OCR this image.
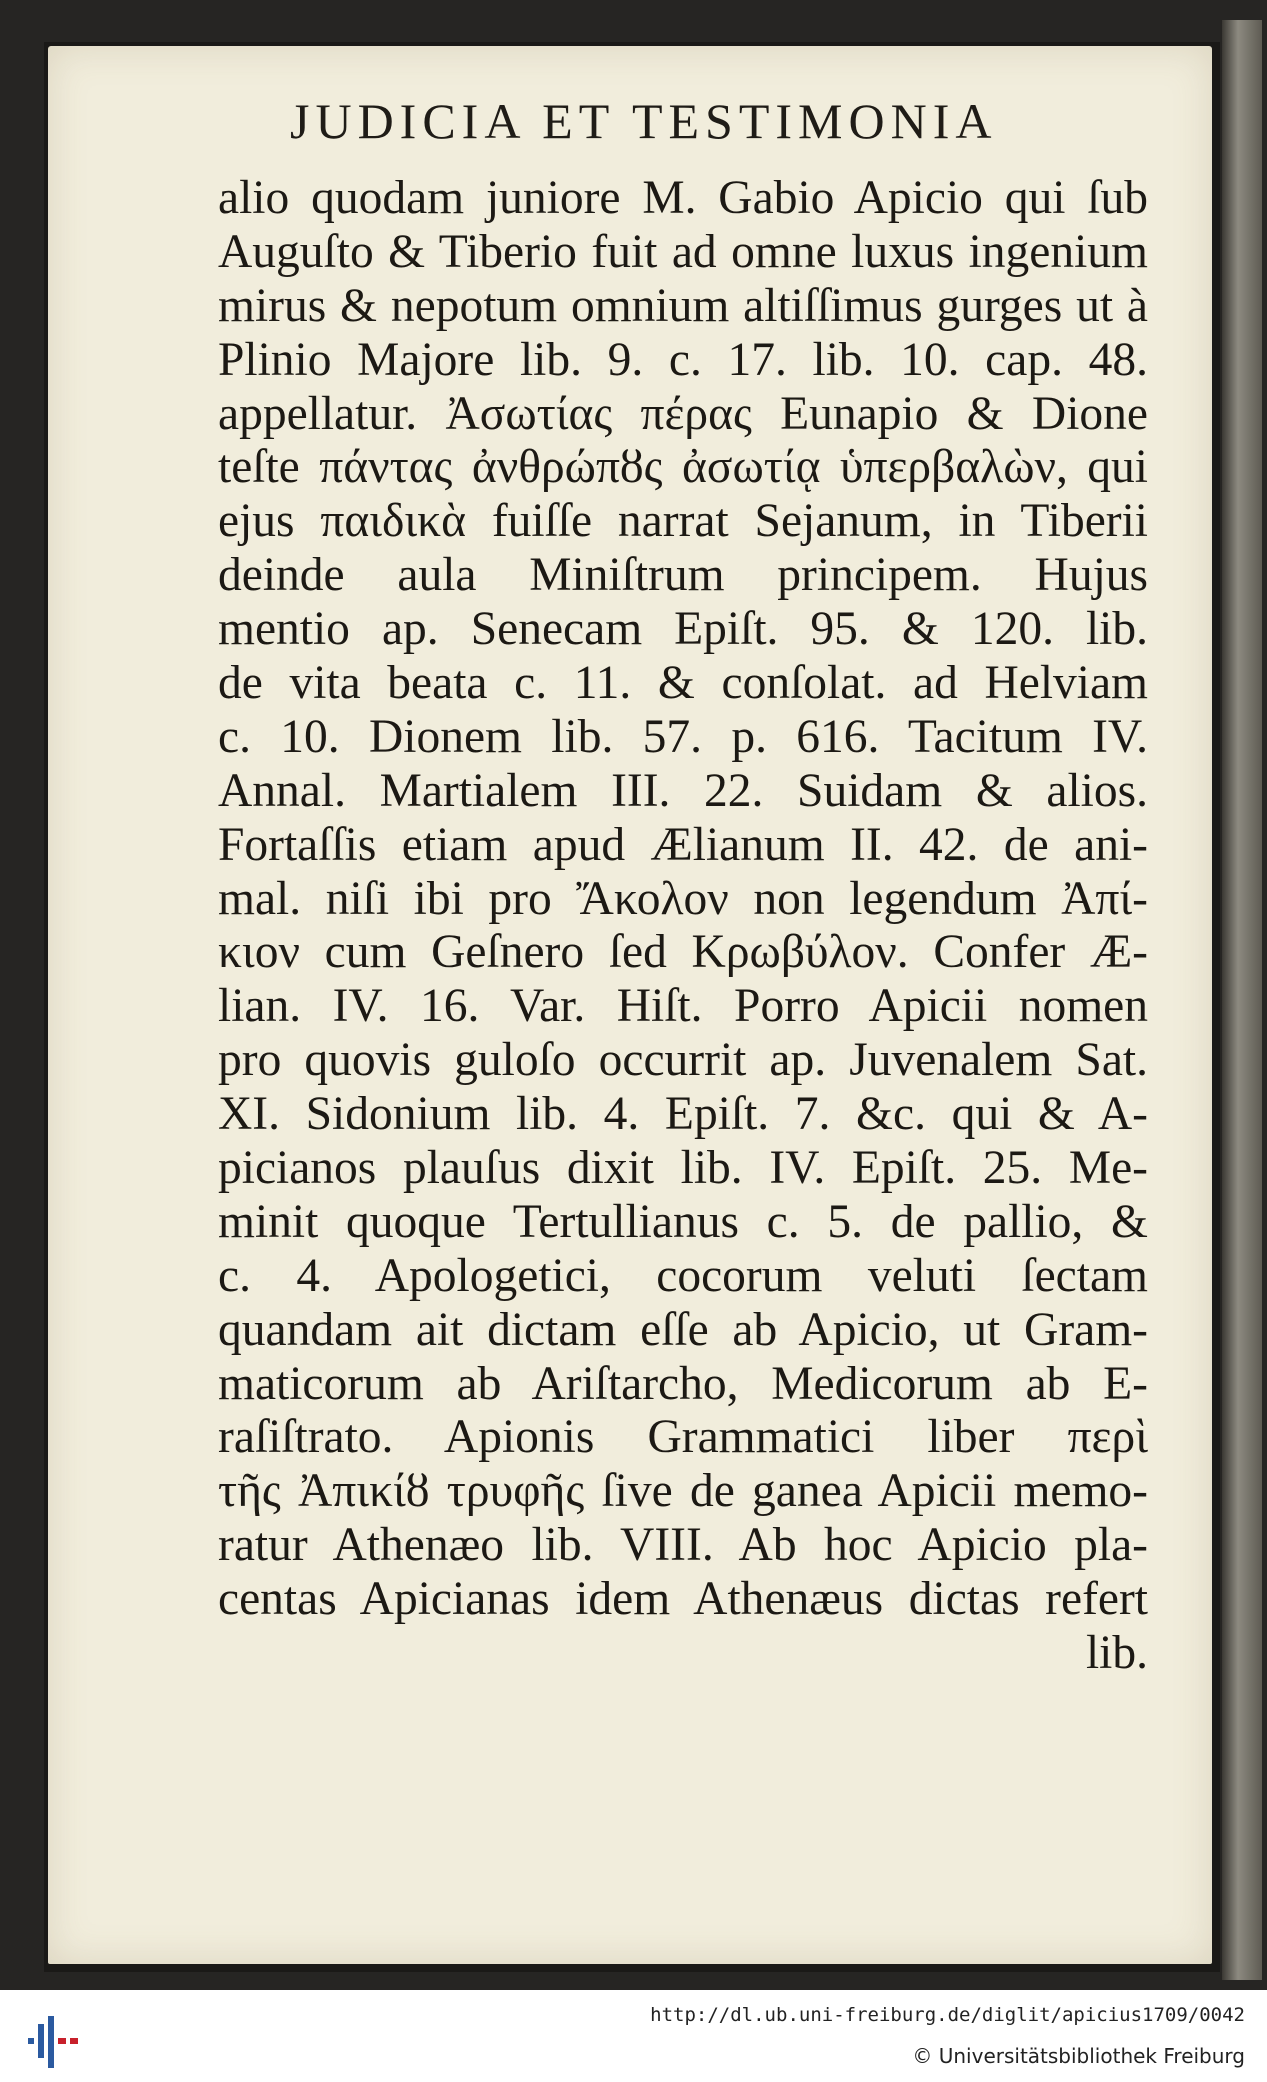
JUDICIA ET TESTIMONIA
alio quodam juniore M. Gabio Apicio qui ſub
Auguſto & Tiberio fuit ad omne luxus ingenium
mirus & nepotum omnium altiſſimus gurges ut à
Plinio Majore lib. 9. c. 17. lib. 10. cap. 48.
appellatur. Ἀσωτίας πέρας Eunapio & Dione
teſte πάντας ἀνθρώπȣς ἀσωτίᾳ ὑπερβαλὼν, qui
ejus παιδικὰ fuiſſe narrat Sejanum, in Tiberii
deinde aula Miniſtrum principem. Hujus
mentio ap. Senecam Epiſt. 95. & 120. lib.
de vita beata c. 11. & conſolat. ad Helviam
c. 10. Dionem lib. 57. p. 616. Tacitum IV.
Annal. Martialem III. 22. Suidam & alios.
Fortaſſis etiam apud Ælianum II. 42. de ani-
mal. niſi ibi pro Ἄκολον non legendum Ἀπί-
κιον cum Geſnero ſed Κρωβύλον. Confer Æ-
lian. IV. 16. Var. Hiſt. Porro Apicii nomen
pro quovis guloſo occurrit ap. Juvenalem Sat.
XI. Sidonium lib. 4. Epiſt. 7. &c. qui & A-
picianos plauſus dixit lib. IV. Epiſt. 25. Me-
minit quoque Tertullianus c. 5. de pallio, &
c. 4. Apologetici, cocorum veluti ſectam
quandam ait dictam eſſe ab Apicio, ut Gram-
maticorum ab Ariſtarcho, Medicorum ab E-
raſiſtrato. Apionis Grammatici liber περὶ
τῆς Ἀπικίȣ τρυφῆς ſive de ganea Apicii memo-
ratur Athenæo lib. VIII. Ab hoc Apicio pla-
centas Apicianas idem Athenæus dictas refert
lib.
http://dl.ub.uni-freiburg.de/diglit/apicius1709/0042
© Universitätsbibliothek Freiburg
